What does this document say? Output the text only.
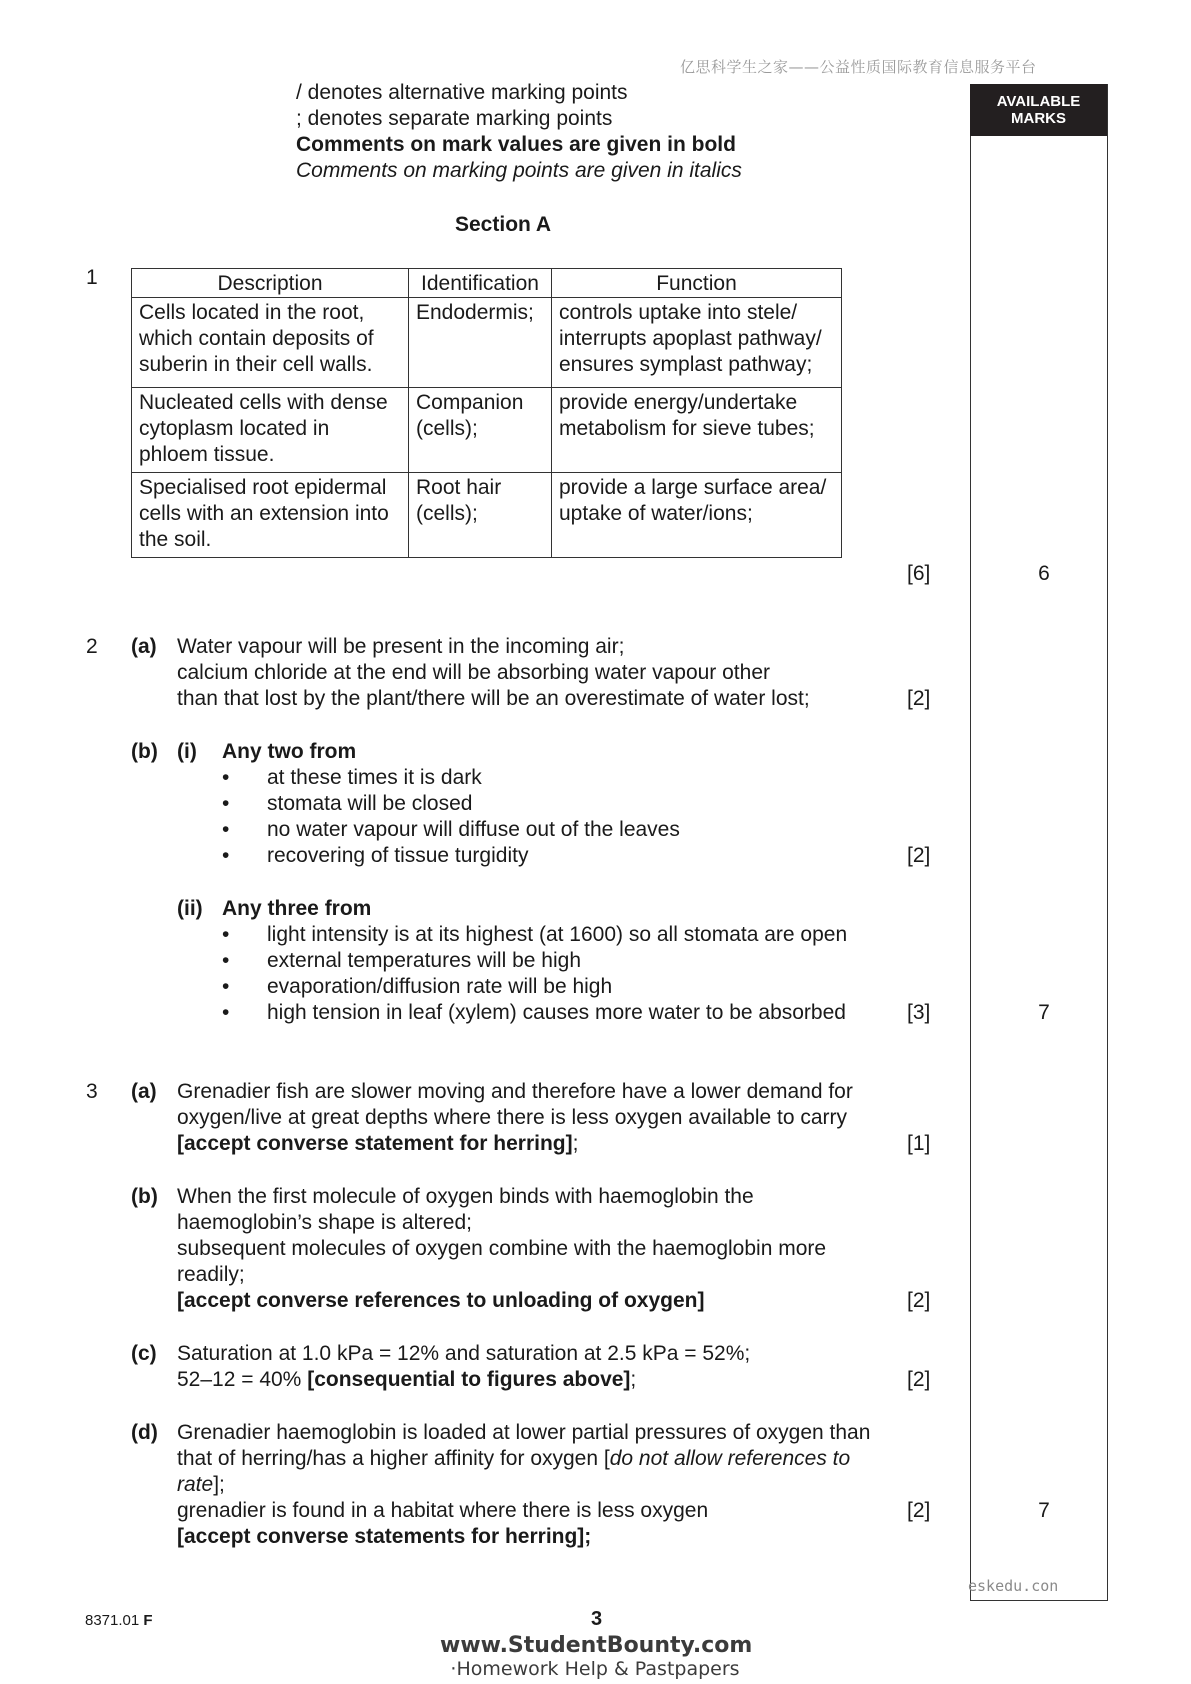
亿思科学生之家——公益性质国际教育信息服务平台
AVAILABLE MARKS
/ denotes alternative marking points
; denotes separate marking points
Comments on mark values are given in bold
Comments on marking points are given in italics
Section A
1	Description	Identification	Function
Cells located in the root, which contain deposits of suberin in their cell walls.	Endodermis;	controls uptake into stele/ interrupts apoplast pathway/ ensures symplast pathway;
Nucleated cells with dense cytoplasm located in phloem tissue.	Companion (cells);	provide energy/undertake metabolism for sieve tubes;
Specialised root epidermal cells with an extension into the soil.	Root hair (cells);	provide a large surface area/ uptake of water/ions;
[6]	6
2 (a) Water vapour will be present in the incoming air;
calcium chloride at the end will be absorbing water vapour other
than that lost by the plant/there will be an overestimate of water lost;	[2]
(b) (i) Any two from
• at these times it is dark
• stomata will be closed
• no water vapour will diffuse out of the leaves
• recovering of tissue turgidity	[2]
(ii) Any three from
• light intensity is at its highest (at 1600) so all stomata are open
• external temperatures will be high
• evaporation/diffusion rate will be high
• high tension in leaf (xylem) causes more water to be absorbed	[3]	7
3 (a) Grenadier fish are slower moving and therefore have a lower demand for
oxygen/live at great depths where there is less oxygen available to carry
[accept converse statement for herring];	[1]
(b) When the first molecule of oxygen binds with haemoglobin the
haemoglobin’s shape is altered;
subsequent molecules of oxygen combine with the haemoglobin more
readily;
[accept converse references to unloading of oxygen]	[2]
(c) Saturation at 1.0 kPa = 12% and saturation at 2.5 kPa = 52%;
52–12 = 40% [consequential to figures above];	[2]
(d) Grenadier haemoglobin is loaded at lower partial pressures of oxygen than
that of herring/has a higher affinity for oxygen [do not allow references to
rate];
grenadier is found in a habitat where there is less oxygen
[accept converse statements for herring];
[2]	7
eskedu.con
8371.01 F	3
www.StudentBounty.com
·Homework Help & Pastpapers
